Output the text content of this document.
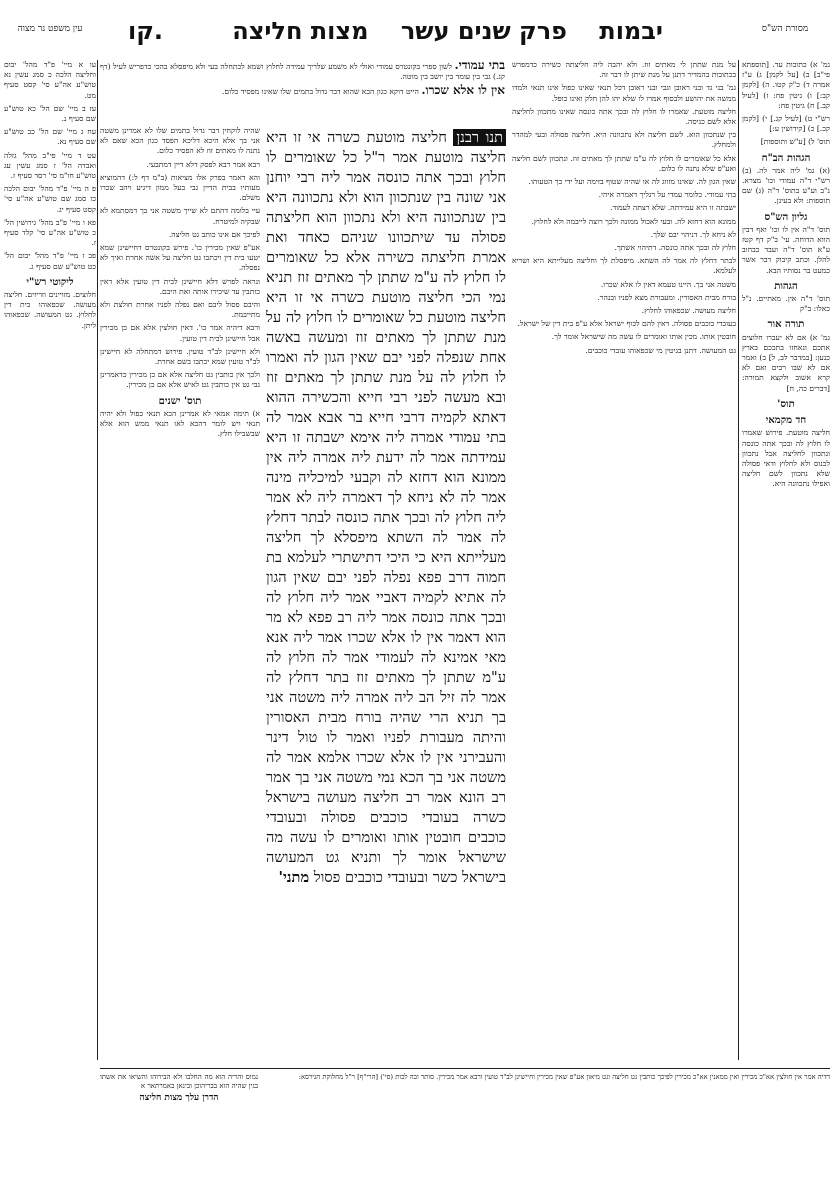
מסורת הש"ס
יבמות פרק שנים עשר מצות חליצה
קו.
עין משפט נר מצוה

גמ' א) כתובות עד. [תוספתא פי"ב] ב) [על לקמן] ג) ע"ז אמרה ד) כ"ק קטו. ה) [לקמן קב:] ו) גיטין פח: ז) [לעיל קב.] ח) גיטין פח:

רש"י ט) [לעיל קג.] י) [לקמן קכ.] כ) [קידושין ע:]

תוס' ל) [ע"ש ותוספות]

הגהות הב"ח

(א) גמ' ליה אמר לה. (ב) רש"י ד"ה עמודי וכו' מצרא. נ"ב וע"ע בתוס' ד"ה (ג) שם תוספות: ולא בעינן.

גליון הש"ס

תוס' ד"ה אין לו וכו' ואף דבין הווא הדוחה. עי' ב"ק דף קטז ע"א תוס' ד"ה ועבד כבחוב להלן. וכתב קיבוק דבר אשר כמעט בר נסותיו הבא.

הגהות

תוס' ד"ה אין. מאתיים. נ"ל כאלו: ב"ק

תורה אור

גמ' א) אם לא יעברו חלוצים אתכם ונאחזו בתככם בארץ כנען: [במדבר לב, ל] ב) ואמר אם לא שבו רבים ואם לא קרא אשוב ולקצא תמורה: [דברים כה, ח]

תוס'
חד מקמאי

חליצה מוטעת. פירוש שאמרו לו חלוץ לה ובכך אתה כונסה ונתכוון לחליצה אבל נתכוון לכנוס ולא לחלוץ ודאי פסולה שלא נתכוון לשם חליצה ואפילו נתכוונה היא.

על מנת שתתן לי מאתים זוז. ולא יהבה ליה חליצתה כשירה כדמפרש בכתובות בהמדיר דתנן על מנת שיתן לו דבר זה.

גמ' בני גד ובני ראובן וגבי ובני ראובן דכל תנאי שאינו כפול אינו תנאי ולמדו ממשה את יהושע ולבסוף אמרו לו שלא יהו להן חלק ואינו כופל.

חליצה מוטעת. שאמרו לו חלוץ לה ובכך אתה כונסה שאינו מתכוון לחליצה אלא לשם כניסה.

בין שנתכוון הוא. לשם חליצה ולא נתכוונה היא. חליצה פסולה ובעי למהדר ולמחלץ.

אלא כל שאומרים לו חלוץ לה ע"מ שתתן לך מאתים זוז. ונתכוון לשם חליצה ואע"פ שלא נתנה לו כלום.

שאין הגון לה. שאינו מזווג לה או שהיה שטוף בזימה ועל ידי כך הטעוהו.

בתי עמודי. כלומר עמדי על רגליך דאמרה איהי.

ישבתה זו היא עמידתה. שלא רצתה לעמוד.

ממונא הוא דחזא לה. ובעי לאכול ממונה ולכך רוצה לייבמה ולא לחלוץ.

לא ניחא לך. דניהוי יבם שלך.

חלוץ לה ובכך אתה כונסה. דתיהוי אשתך.

לבתר דחלץ לה אמר לה השתא. מיפסלת לך וחליצה מעלייתא היא ושריא לעלמא.

משטה אני בך. היינו טעמא דאין לו אלא שכרו.

בורח מבית האסורין. ומעבורת מצא לפניו ובנהר.

חליצה מעושה. שכפאוהו לחלוץ.

בעובדי כוכבים פסולה. דאין להם לכוף ישראל אלא ע"פ בית דין של ישראל.

חובטין אותו. מכין אותו ואומרים לו עשה מה שישראל אומר לך.

גט המעושה. דתנן בגיטין מי שכפאוהו עובדי כוכבים.

בתי עמודי. לשון ספרי בקונטרס עמודי ואולי לא משמע שלריך עמידה לחלוץ ושמא לכתחלה בעי ולא מיפסלא בהכי כדפריש לעיל (דף קג.) גבי בין עומד בין יושב בין מוטה.

אין לו אלא שכרו. הייט דוקא כגון הכא שהוא דבר גדול בתמים שלו שאינו מפסיד כלום.

תנו רבנן חליצה מוטעת כשרה אי זו היא חליצה מוטעת אמר ר"ל כל שאומרים לו חלוץ ובכך אתה כונסה אמר ליה רבי יוחנן אני שונה בין שנתכוון הוא ולא נתכוונה היא בין שנתכוונה היא ולא נתכוון הוא חליצתה פסולה עד שיתכוונו שניהם כאחד ואת אמרת חליצתה כשירה אלא כל שאומרים לו חלוץ לה ע"מ שתתן לך מאתים זוז תניא נמי הכי חליצה מוטעת כשרה אי זו היא חליצה מוטעת כל שאומרים לו חלוץ לה על מנת שתתן לך מאתים זוז ומעשה באשה אחת שנפלה לפני יבם שאין הגון לה ואמרו לו חלוץ לה על מנת שתתן לך מאתים זוז ובא מעשה לפני רבי חייא והכשירה ההוא דאתא לקמיה דרבי חייא בר אבא אמר לה בתי עמודי אמרה ליה אימא ישבתה זו היא עמידתה אמר לה ידעת ליה אמרה ליה אין ממונא הוא דחזא לה וקבעי למיכליה מינה אמר לה לא ניחא לך דאמרה ליה לא אמר ליה חלוץ לה ובכך אתה כונסה לבתר דחלץ לה אמר לה השתא מיפסלא לך חליצה מעלייתא היא כי היכי דתישתרי לעלמא בת חמוה דרב פפא נפלה לפני יבם שאין הגון לה אתיא לקמיה דאביי אמר ליה חלוץ לה ובכך אתה כונסה אמר ליה רב פפא לא מר הוא דאמר אין לו אלא שכרו אמר ליה אנא מאי אמינא לה לעמודי אמר לה חלוץ לה ע"מ שתתן לך מאתים זוז בתר דחלץ לה אמר לה זיל הב ליה אמרה ליה משטה אני בך תניא הרי שהיה בורח מבית האסורין והיתה מעבורת לפניו ואמר לו טול דינר והעבירני אין לו אלא שכרו אלמא אמר לה משטה אני בך הכא נמי משטה אני בך אמר רב הונא אמר רב חליצה מעושה בישראל כשרה בעובדי כוכבים פסולה ובעובדי כוכבים חובטין אותו ואומרים לו עשה מה שישראל אומר לך ותניא גט המעושה בישראל כשר ובעובדי כוכבים פסול מתני'

שהיה לוקחין דבר גדול בתמים שלו לא אמרינן משטה אני בך אלא היכא דליכא הפסד כגון הכא שאם לא נתנה לו מאתים זוז לא הפסיד כלום.

רבא אמר רבא לפסק דלא דיין דמתבעי.

והא דאמר בפרק אלו מציאות (ב"מ דף ל:) דהמוציא מעותיו בבית הדיין גבי בעל ממון דיגיע ויהב שכרו משלם.

עיי בלומה דהתם לא שייך משטה אני בך דמסתמא לא שבקיה למיטרח.

לפיכך אם אינו כותב גט חליצה.

אע"פ שאין מכירין כו'. פירש בקונטרס דחיישינן שמא יטעו בית דין ויכתבו גט חליצה על אשה אחרת ואיך לא נפסלה.

ונראה לפרש דלא חיישינן לבית דין טועין אלא דאין כותבין עד שיכירו אותה ואת היבם.

והיבם פסול ליבם ואם נפלה לפניו אחרת חולצת ולא מתייבמת.

ורבא דיהיה אמר כו'. דאין חולצין אלא אם כן מכירין אבל חיישינן לבית דין טועין.

ולא חיישינן לב"ד טועין. פירוש דמתחלה לא חיישינן לב"ד טועין שמא יכתבו בשם אחרת.

ולכך אין כותבין גט חליצה אלא אם כן מכירין כדאמרינן גבי גט אין כותבין גט לאיש אלא אם כן מכירין.

תוס' ישנים

א) תימה אמאי לא אמרינן הכא תנאי כפול ולא יהיה תנאי ויש לומר דהכא לאו תנאי ממש הוא אלא שבשבילו חלץ.

עו א מיי' פ"ד מהל' יבום וחליצה הלכה כ סמג עשין נא טוש"ע אה"ע סי' קסט סעיף מט.

עז ב מיי' שם הל' כא טוש"ע שם סעיף נ.

עח ג מיי' שם הל' כב טוש"ע שם סעיף נא.

עט ד מיי' פי"ב מהל' גזלה ואבדה הל' ז סמג עשין עג טוש"ע חו"מ סי' רסד סעיף ז.

פ ה מיי' פ"ד מהל' יבום הלכה כו סמג שם טוש"ע אה"ע סי' קסט סעיף יג.

פא ו מיי' פ"ב מהל' גירושין הל' כ טוש"ע אה"ע סי' קלד סעיף ז.

פב ז מיי' פ"ד מהל' יבום הל' כט טוש"ע שם סעיף ג.

ליקוטי רש"י

חלוצים. מזויינים וזריזים. חליצה מעושה. שכפאוהו בית דין לחלוץ. גט המעושה. שכפאוהו ליתן.

דדיה אמר אין חולצין אא"כ מכירין ואין ממאנין אא"כ מכירין לפיכך כותבין גט חליצה וגט מיאון אע"פ שאין מכירין וחיישינן לב"ד טועין ורבא אמר מכירין. סותר ובה לכות (סי') [הרי"ף] ר"ל מחלוקת הגירסא:
נמוס והריה הוא מה החלבו ולא הבירוהו והשיאו את אשתו בגין שהיה הוא בבריהוכן ובינאן באמרתאר א
הדרן עלך מצות חליצה
